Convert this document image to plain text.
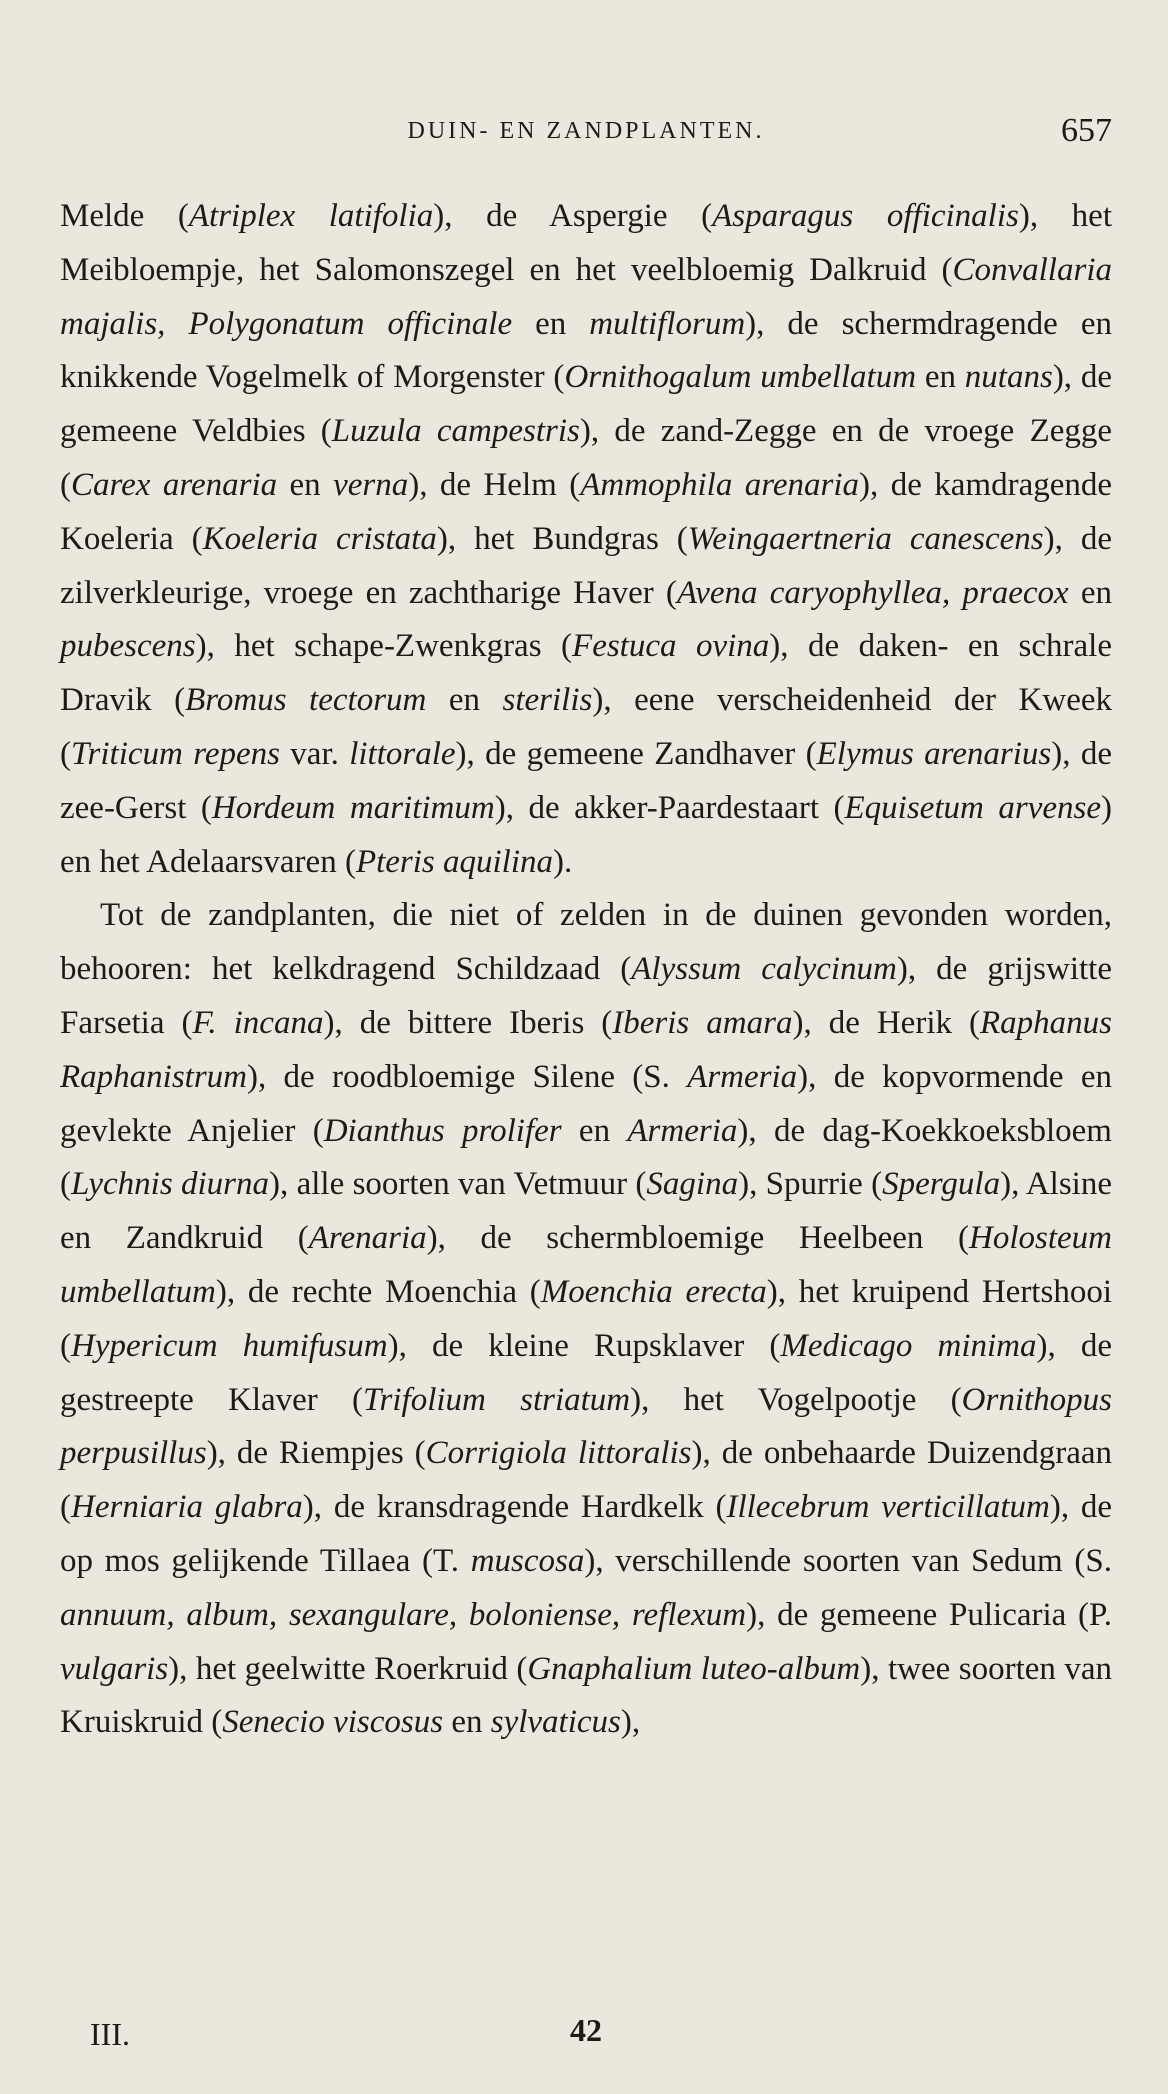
DUIN- EN ZANDPLANTEN.	657

Melde (Atriplex latifolia), de Aspergie (Asparagus officinalis), het Meibloempje, het Salomonszegel en het veelbloemig Dalkruid (Convallaria majalis, Polygonatum officinale en multiflorum), de schermdragende en knikkende Vogelmelk of Morgenster (Ornithogalum umbellatum en nutans), de gemeene Veldbies (Luzula campestris), de zand-Zegge en de vroege Zegge (Carex arenaria en verna), de Helm (Ammophila arenaria), de kamdragende Koeleria (Koeleria cristata), het Bundgras (Weingaertneria canescens), de zilverkleurige, vroege en zachtharige Haver (Avena caryophyllea, praecox en pubescens), het schape-Zwenkgras (Festuca ovina), de daken- en schrale Dravik (Bromus tectorum en sterilis), eene verscheidenheid der Kweek (Triticum repens var. littorale), de gemeene Zandhaver (Elymus arenarius), de zee-Gerst (Hordeum maritimum), de akker-Paardestaart (Equisetum arvense) en het Adelaarsvaren (Pteris aquilina).

Tot de zandplanten, die niet of zelden in de duinen gevonden worden, behooren: het kelkdragend Schildzaad (Alyssum calycinum), de grijswitte Farsetia (F. incana), de bittere Iberis (Iberis amara), de Herik (Raphanus Raphanistrum), de roodbloemige Silene (S. Armeria), de kopvormende en gevlekte Anjelier (Dianthus prolifer en Armeria), de dag-Koekkoeksbloem (Lychnis diurna), alle soorten van Vetmuur (Sagina), Spurrie (Spergula), Alsine en Zandkruid (Arenaria), de schermbloemige Heelbeen (Holosteum umbellatum), de rechte Moenchia (Moenchia erecta), het kruipend Hertshooi (Hypericum humifusum), de kleine Rupsklaver (Medicago minima), de gestreepte Klaver (Trifolium striatum), het Vogelpootje (Ornithopus perpusillus), de Riempjes (Corrigiola littoralis), de onbehaarde Duizendgraan (Herniaria glabra), de kransdragende Hardkelk (Illecebrum verticillatum), de op mos gelijkende Tillaea (T. muscosa), verschillende soorten van Sedum (S. annuum, album, sexangulare, boloniense, reflexum), de gemeene Pulicaria (P. vulgaris), het geelwitte Roerkruid (Gnaphalium luteo-album), twee soorten van Kruiskruid (Senecio viscosus en sylvaticus),

III.	42
